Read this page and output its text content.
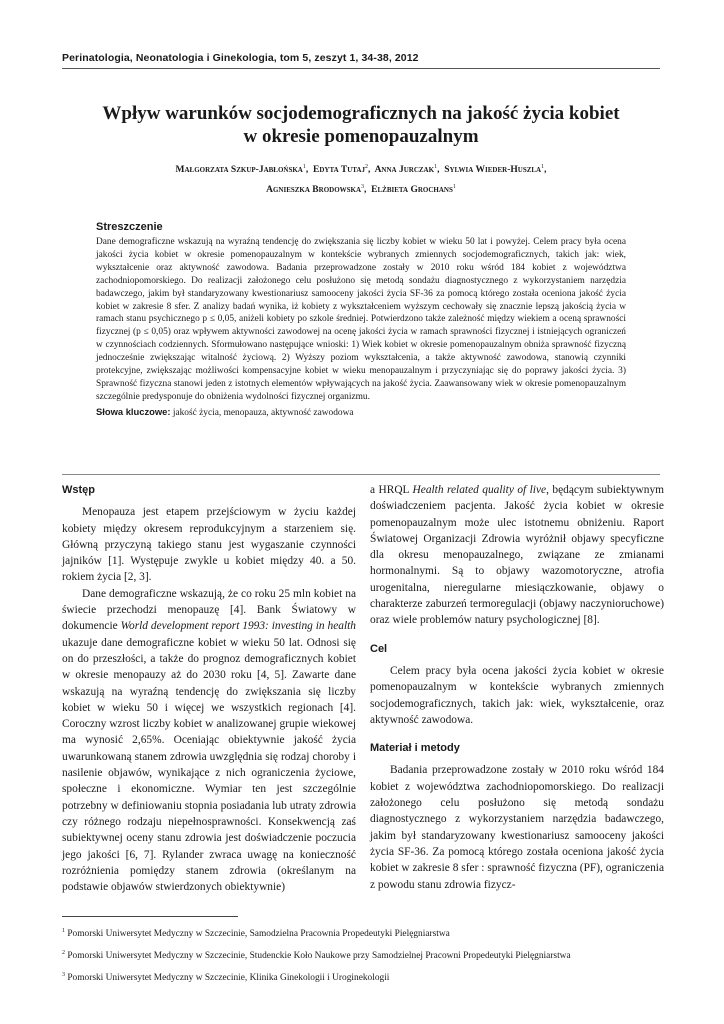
Perinatologia, Neonatologia i Ginekologia, tom 5, zeszyt 1, 34-38, 2012
Wpływ warunków socjodemograficznych na jakość życia kobiet
w okresie pomenopauzalnym
Małgorzata Szkup-Jabłońska$^1$,  Edyta Tutaj$^2$,  Anna Jurczak$^1$,  Sylwia Wieder-Huszla$^1$,
Agnieszka Brodowska$^3$,  Elżbieta Grochans$^1$
Streszczenie
Dane demograficzne wskazują na wyraźną tendencję do zwiększania się liczby kobiet w wieku 50 lat i powyżej. Celem pracy była ocena jakości życia kobiet w okresie pomenopauzalnym w kontekście wybranych zmiennych socjodemograficznych, takich jak: wiek, wykształcenie oraz aktywność zawodowa. Badania przeprowadzone zostały w 2010 roku wśród 184 kobiet z województwa zachodniopomorskiego. Do realizacji założonego celu posłużono się metodą sondażu diagnostycznego z wykorzystaniem narzędzia badawczego, jakim był standaryzowany kwestionariusz samooceny jakości życia SF-36 za pomocą którego została oceniona jakość życia kobiet w zakresie 8 sfer. Z analizy badań wynika, iż kobiety z wykształceniem wyższym cechowały się znacznie lepszą jakością życia w ramach stanu psychicznego p ≤ 0,05, aniżeli kobiety po szkole średniej. Potwierdzono także zależność między wiekiem a oceną sprawności fizycznej (p ≤ 0,05) oraz wpływem aktywności zawodowej na ocenę jakości życia w ramach sprawności fizycznej i istniejących ograniczeń w czynnościach codziennych. Sformułowano następujące wnioski: 1) Wiek kobiet w okresie pomenopauzalnym obniża sprawność fizyczną jednocześnie zwiększając witalność życiową. 2) Wyższy poziom wykształcenia, a także aktywność zawodowa, stanowią czynniki protekcyjne, zwiększając możliwości kompensacyjne kobiet w wieku menopauzalnym i przyczyniając się do poprawy jakości życia. 3) Sprawność fizyczna stanowi jeden z istotnych elementów wpływających na jakość życia. Zaawansowany wiek w okresie pomenopauzalnym szczególnie predysponuje do obniżenia wydolności fizycznej organizmu.
Słowa kluczowe: jakość życia, menopauza, aktywność zawodowa
Wstęp

Menopauza jest etapem przejściowym w życiu każdej kobiety między okresem reprodukcyjnym a starzeniem się. Główną przyczyną takiego stanu jest wygaszanie czynności jajników [1]. Występuje zwykle u kobiet między 40. a 50. rokiem życia [2, 3].

Dane demograficzne wskazują, że co roku 25 mln kobiet na świecie przechodzi menopauzę [4]. Bank Światowy w dokumencie World development report 1993: investing in health ukazuje dane demograficzne kobiet w wieku 50 lat. Odnosi się on do przeszłości, a także do prognoz demograficznych kobiet w okresie menopauzy aż do 2030 roku [4, 5]. Zawarte dane wskazują na wyraźną tendencję do zwiększania się liczby kobiet w wieku 50 i więcej we wszystkich regionach [4]. Coroczny wzrost liczby kobiet w analizowanej grupie wiekowej ma wynosić 2,65%. Oceniając obiektywnie jakość życia uwarunkowaną stanem zdrowia uwzględnia się rodzaj choroby i nasilenie objawów, wynikające z nich ograniczenia życiowe, społeczne i ekonomiczne. Wymiar ten jest szczególnie potrzebny w definiowaniu stopnia posiadania lub utraty zdrowia czy różnego rodzaju niepełnosprawności. Konsekwencją zaś subiektywnej oceny stanu zdrowia jest doświadczenie poczucia jego jakości [6, 7]. Rylander zwraca uwagę na konieczność rozróżnienia pomiędzy stanem zdrowia (określanym na podstawie objawów stwierdzonych obiektywnie)

a HRQL Health related quality of live, będącym subiektywnym doświadczeniem pacjenta. Jakość życia kobiet w okresie pomenopauzalnym może ulec istotnemu obniżeniu. Raport Światowej Organizacji Zdrowia wyróżnił objawy specyficzne dla okresu menopauzalnego, związane ze zmianami hormonalnymi. Są to objawy wazomotoryczne, atrofia urogenitalna, nieregularne miesiączkowanie, objawy o charakterze zaburzeń termoregulacji (objawy naczynioruchowe) oraz wiele problemów natury psychologicznej [8].

Cel

Celem pracy była ocena jakości życia kobiet w okresie pomenopauzalnym w kontekście wybranych zmiennych socjodemograficznych, takich jak: wiek, wykształcenie, oraz aktywność zawodowa.

Materiał i metody

Badania przeprowadzone zostały w 2010 roku wśród 184 kobiet z województwa zachodniopomorskiego. Do realizacji założonego celu posłużono się metodą sondażu diagnostycznego z wykorzystaniem narzędzia badawczego, jakim był standaryzowany kwestionariusz samooceny jakości życia SF-36. Za pomocą którego została oceniona jakość życia kobiet w zakresie 8 sfer : sprawność fizyczna (PF), ograniczenia z powodu stanu zdrowia fizycz-

$^1$ Pomorski Uniwersytet Medyczny w Szczecinie, Samodzielna Pracownia Propedeutyki Pielęgniarstwa
$^2$ Pomorski Uniwersytet Medyczny w Szczecinie, Studenckie Koło Naukowe przy Samodzielnej Pracowni Propedeutyki Pielęgniarstwa
$^3$ Pomorski Uniwersytet Medyczny w Szczecinie, Klinika Ginekologii i Uroginekologii
